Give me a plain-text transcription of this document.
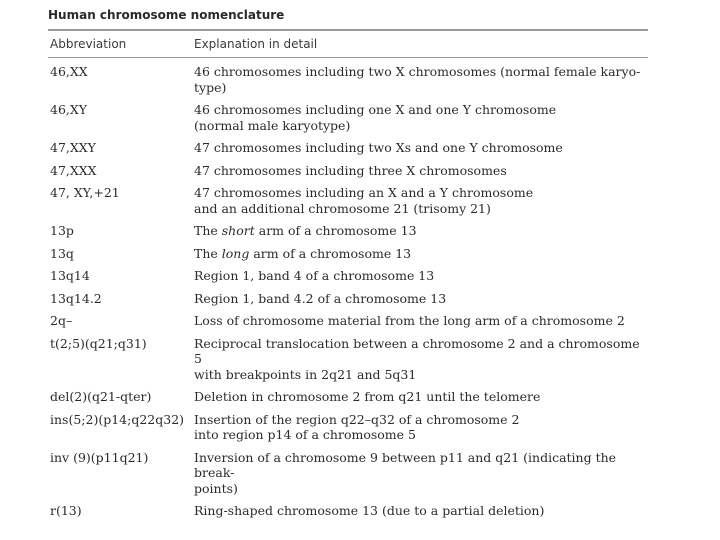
Human chromosome nomenclature
Abbreviation	Explanation in detail
46,XX	46 chromosomes including two X chromosomes (normal female karyo-
type)
46,XY	46 chromosomes including one X and one Y chromosome
(normal male karyotype)
47,XXY	47 chromosomes including two Xs and one Y chromosome
47,XXX	47 chromosomes including three X chromosomes
47, XY,+21	47 chromosomes including an X and a Y chromosome
and an additional chromosome 21 (trisomy 21)
13p	The short arm of a chromosome 13
13q	The long arm of a chromosome 13
13q14	Region 1, band 4 of a chromosome 13
13q14.2	Region 1, band 4.2 of a chromosome 13
2q–	Loss of chromosome material from the long arm of a chromosome 2
t(2;5)(q21;q31)	Reciprocal translocation between a chromosome 2 and a chromosome 5
with breakpoints in 2q21 and 5q31
del(2)(q21-qter)	Deletion in chromosome 2 from q21 until the telomere
ins(5;2)(p14;q22q32) Insertion of the region q22–q32 of a chromosome 2
into region p14 of a chromosome 5
inv (9)(p11q21)	Inversion of a chromosome 9 between p11 and q21 (indicating the break-
points)
r(13)	Ring-shaped chromosome 13 (due to a partial deletion)
